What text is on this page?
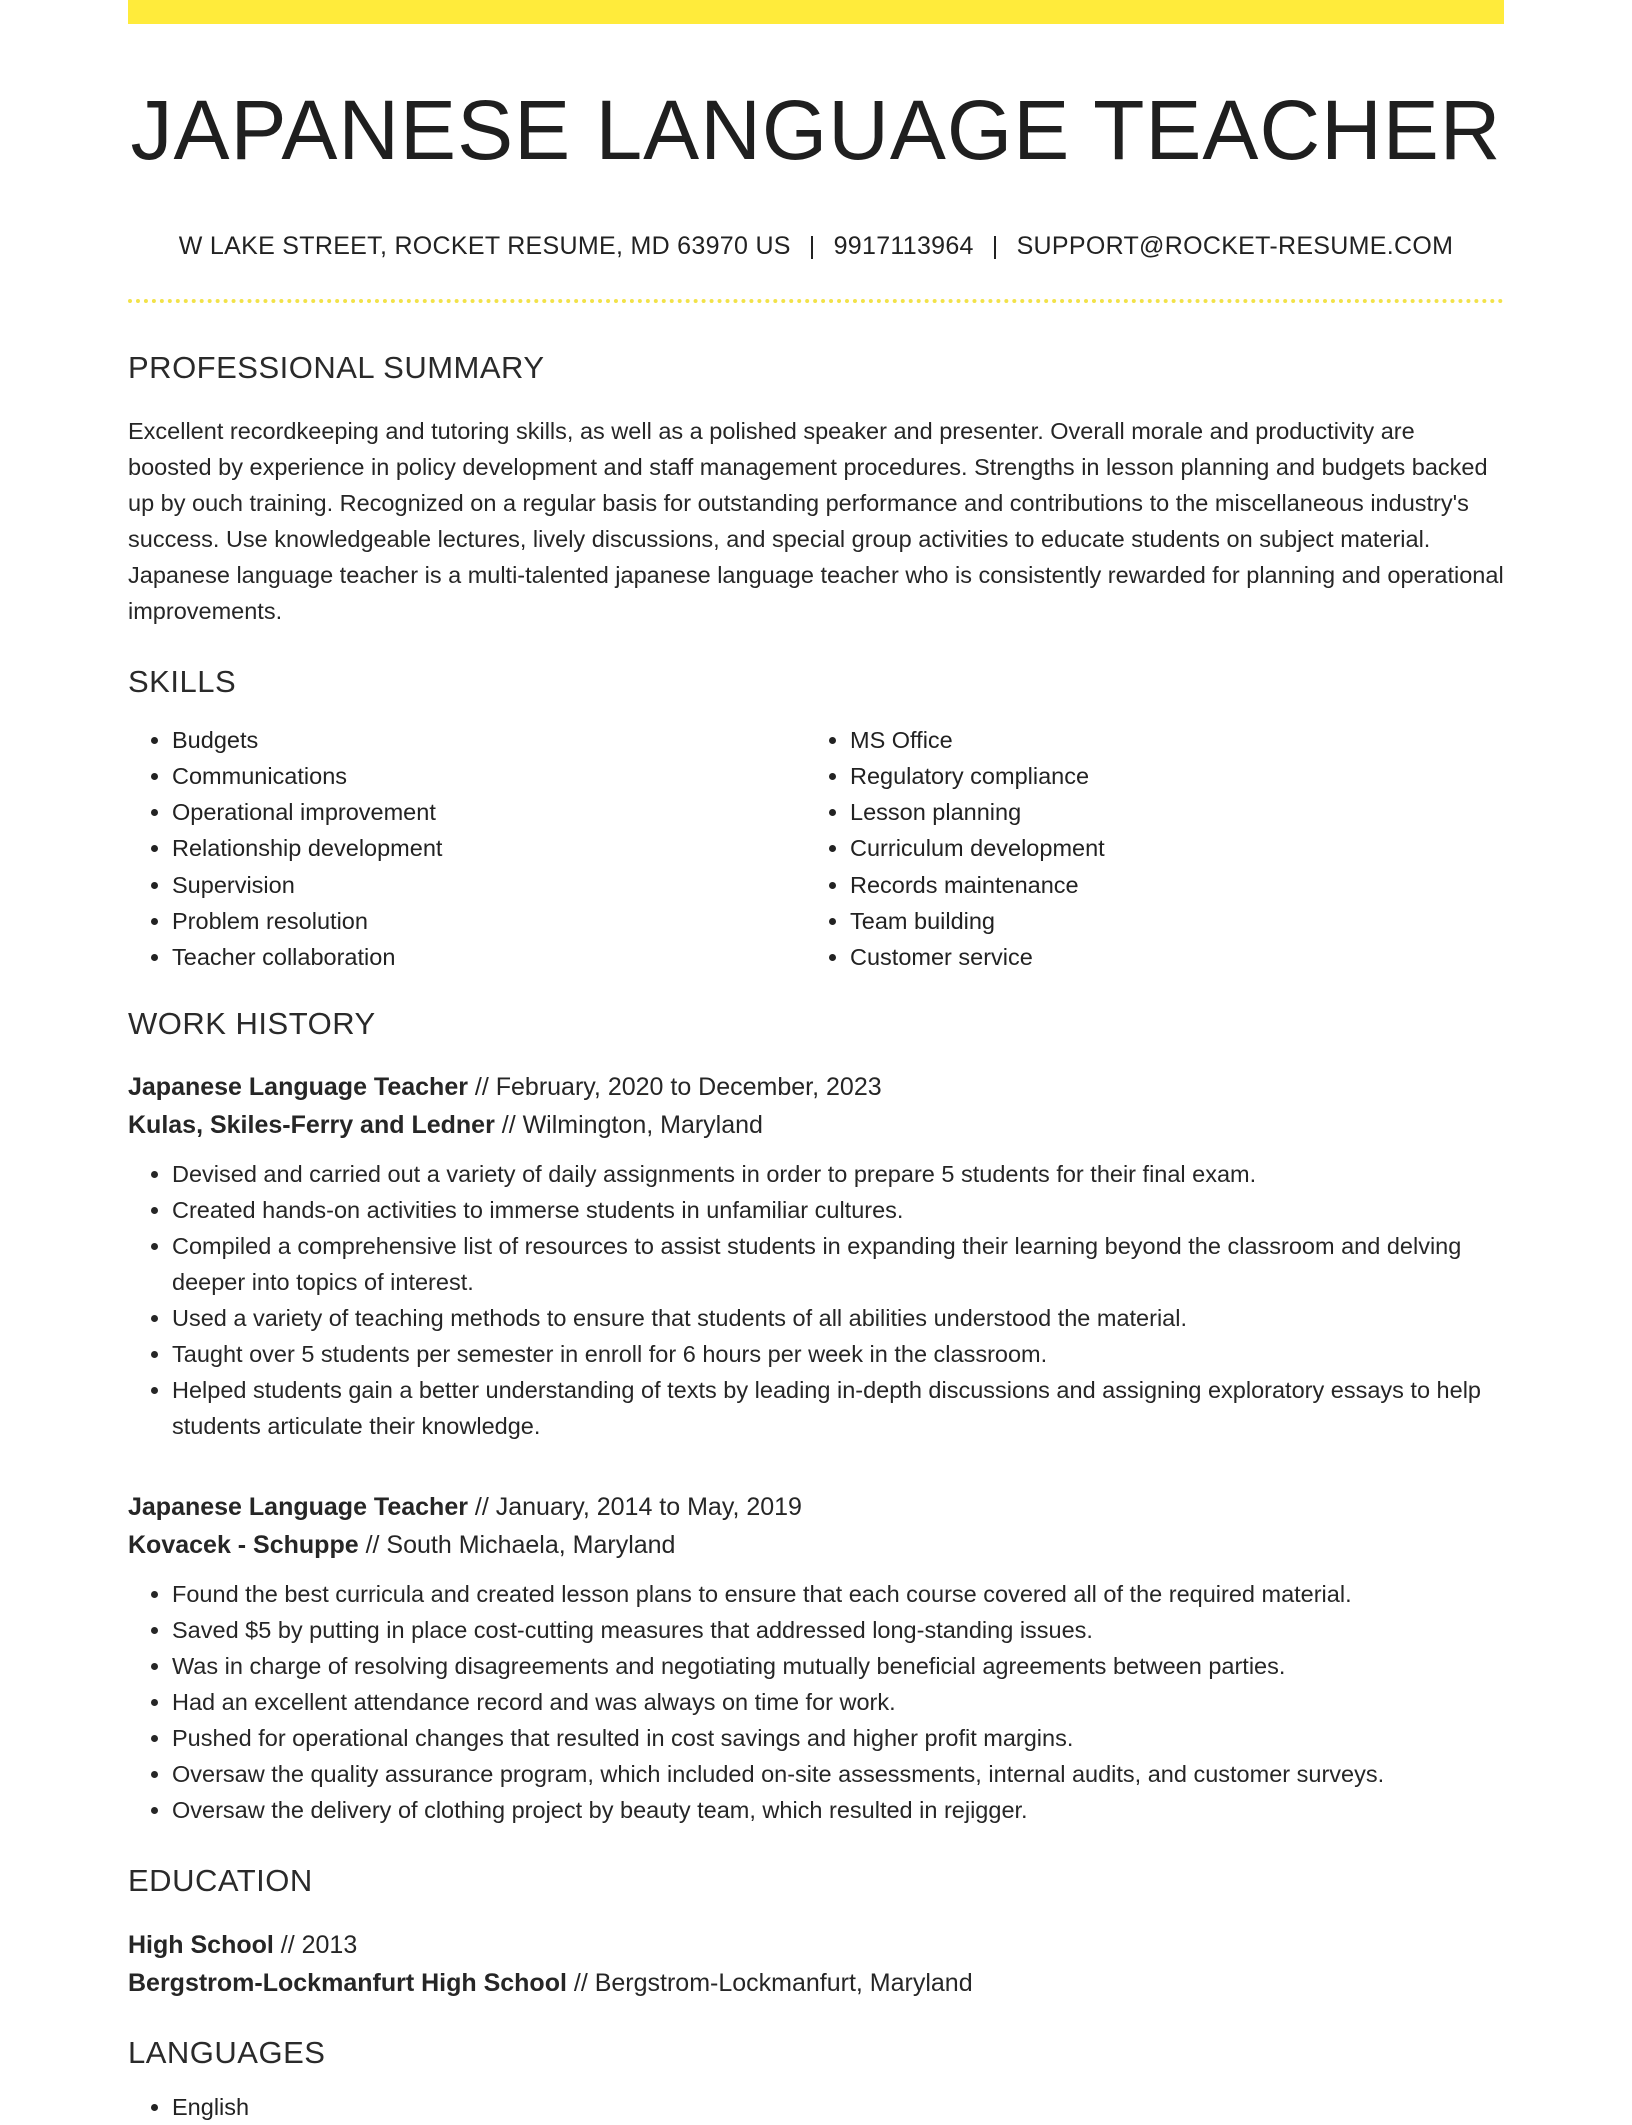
JAPANESE LANGUAGE TEACHER
W LAKE STREET, ROCKET RESUME, MD 63970 US | 9917113964 | SUPPORT@ROCKET-RESUME.COM
PROFESSIONAL SUMMARY

Excellent recordkeeping and tutoring skills, as well as a polished speaker and presenter. Overall morale and productivity are boosted by experience in policy development and staff management procedures. Strengths in lesson planning and budgets backed up by ouch training. Recognized on a regular basis for outstanding performance and contributions to the miscellaneous industry's success. Use knowledgeable lectures, lively discussions, and special group activities to educate students on subject material. Japanese language teacher is a multi-talented japanese language teacher who is consistently rewarded for planning and operational improvements.

SKILLS
• Budgets
• Communications
• Operational improvement
• Relationship development
• Supervision
• Problem resolution
• Teacher collaboration
• MS Office
• Regulatory compliance
• Lesson planning
• Curriculum development
• Records maintenance
• Team building
• Customer service
WORK HISTORY
Japanese Language Teacher // February, 2020 to December, 2023
Kulas, Skiles-Ferry and Ledner // Wilmington, Maryland
• Devised and carried out a variety of daily assignments in order to prepare 5 students for their final exam.
• Created hands-on activities to immerse students in unfamiliar cultures.
• Compiled a comprehensive list of resources to assist students in expanding their learning beyond the classroom and delving deeper into topics of interest.
• Used a variety of teaching methods to ensure that students of all abilities understood the material.
• Taught over 5 students per semester in enroll for 6 hours per week in the classroom.
• Helped students gain a better understanding of texts by leading in-depth discussions and assigning exploratory essays to help students articulate their knowledge.
Japanese Language Teacher // January, 2014 to May, 2019
Kovacek - Schuppe // South Michaela, Maryland
• Found the best curricula and created lesson plans to ensure that each course covered all of the required material.
• Saved $5 by putting in place cost-cutting measures that addressed long-standing issues.
• Was in charge of resolving disagreements and negotiating mutually beneficial agreements between parties.
• Had an excellent attendance record and was always on time for work.
• Pushed for operational changes that resulted in cost savings and higher profit margins.
• Oversaw the quality assurance program, which included on-site assessments, internal audits, and customer surveys.
• Oversaw the delivery of clothing project by beauty team, which resulted in rejigger.
EDUCATION
High School // 2013
Bergstrom-Lockmanfurt High School // Bergstrom-Lockmanfurt, Maryland
LANGUAGES
• English
